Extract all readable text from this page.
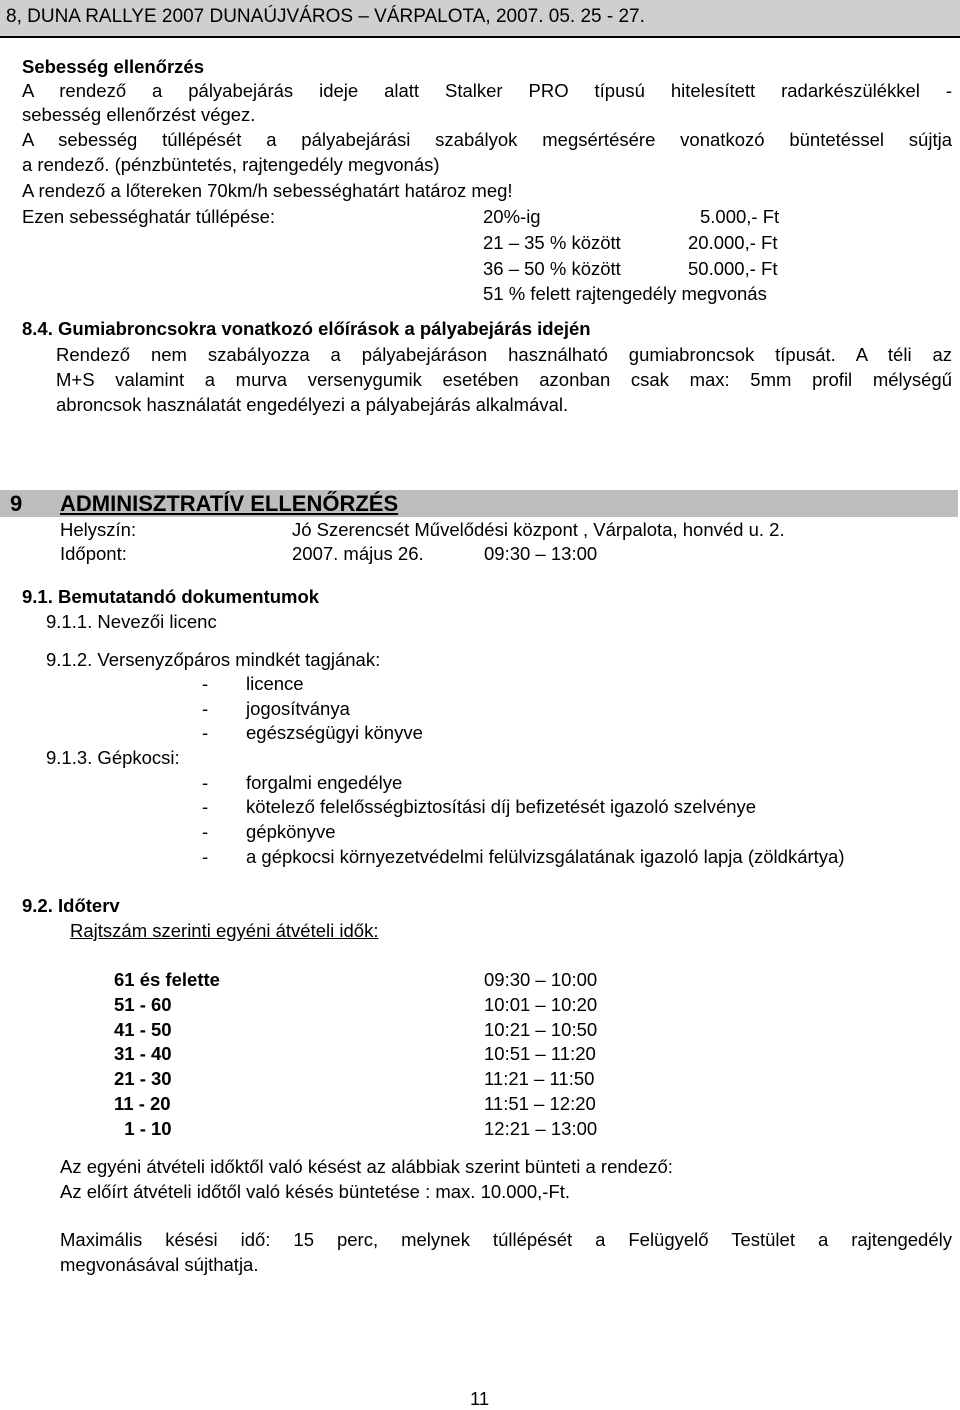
8, DUNA RALLYE 2007 DUNAÚJVÁROS – VÁRPALOTA, 2007. 05. 25 - 27.
Sebesség ellenőrzés
A rendező a pályabejárás ideje alatt Stalker PRO típusú hitelesített radarkészülékkel -
sebesség ellenőrzést végez.
A sebesség túllépését a pályabejárási szabályok megsértésére vonatkozó büntetéssel sújtja
a rendező. (pénzbüntetés, rajtengedély megvonás)
A rendező a lőtereken 70km/h sebességhatárt határoz meg!
Ezen sebességhatár túllépése:	20%-ig	5.000,- Ft
21 – 35 % között	20.000,- Ft
36 – 50 % között	50.000,- Ft
51 % felett rajtengedély megvonás
8.4. Gumiabroncsokra vonatkozó előírások a pályabejárás idején
Rendező nem szabályozza a pályabejáráson használható gumiabroncsok típusát. A téli az
M+S valamint a murva versenygumik esetében azonban csak max: 5mm profil mélységű
abroncsok használatát engedélyezi a pályabejárás alkalmával.
9 ADMINISZTRATÍV ELLENŐRZÉS
Helyszín:	Jó Szerencsét Művelődési központ , Várpalota, honvéd u. 2.
Időpont:	2007. május 26.	09:30 – 13:00
9.1. Bemutatandó dokumentumok
9.1.1. Nevezői licenc
9.1.2. Versenyzőpáros mindkét tagjának:
- licence
- jogosítványa
- egészségügyi könyve
9.1.3. Gépkocsi:
- forgalmi engedélye
- kötelező felelősségbiztosítási díj befizetését igazoló szelvénye
- gépkönyve
- a gépkocsi környezetvédelmi felülvizsgálatának igazoló lapja (zöldkártya)
9.2. Időterv
Rajtszám szerinti egyéni átvételi idők:
61 és felette	09:30 – 10:00
51 - 60	10:01 – 10:20
41 - 50	10:21 – 10:50
31 - 40	10:51 – 11:20
21 - 30	11:21 – 11:50
11 - 20	11:51 – 12:20
1 - 10	12:21 – 13:00
Az egyéni átvételi időktől való késést az alábbiak szerint bünteti a rendező:
Az előírt átvételi időtől való késés büntetése : max. 10.000,-Ft.
Maximális késési idő: 15 perc, melynek túllépését a Felügyelő Testület a rajtengedély
megvonásával sújthatja.
11
